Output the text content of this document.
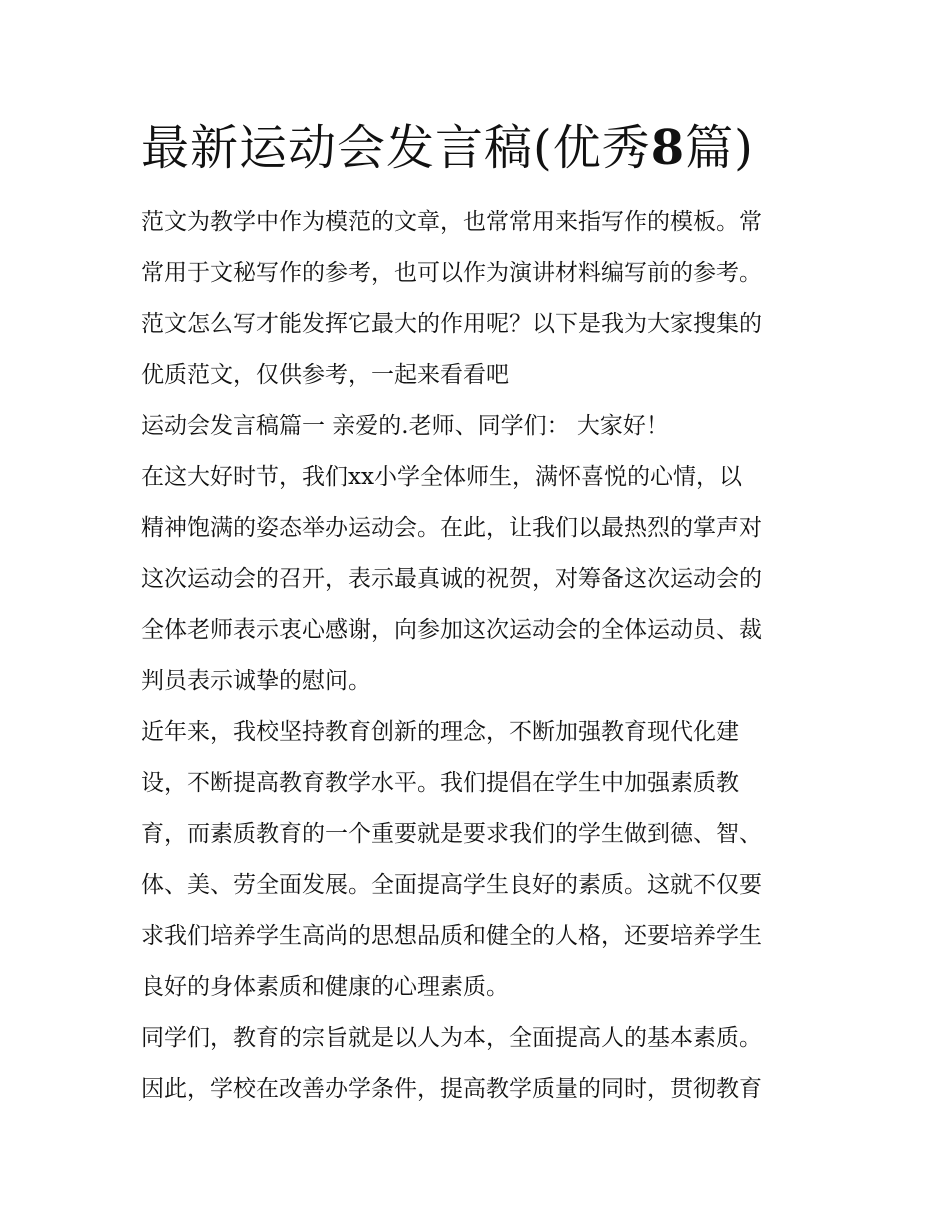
最新运动会发言稿(优秀8篇)
范文为教学中作为模范的文章，也常常用来指写作的模板。常
常用于文秘写作的参考，也可以作为演讲材料编写前的参考。
范文怎么写才能发挥它最大的作用呢？以下是我为大家搜集的
优质范文，仅供参考，一起来看看吧
运动会发言稿篇一 亲爱的.老师、同学们： 大家好！
在这大好时节，我们xx小学全体师生，满怀喜悦的心情，以
精神饱满的姿态举办运动会。在此，让我们以最热烈的掌声对
这次运动会的召开，表示最真诚的祝贺，对筹备这次运动会的
全体老师表示衷心感谢，向参加这次运动会的全体运动员、裁
判员表示诚挚的慰问。
近年来，我校坚持教育创新的理念，不断加强教育现代化建
设，不断提高教育教学水平。我们提倡在学生中加强素质教
育，而素质教育的一个重要就是要求我们的学生做到德、智、
体、美、劳全面发展。全面提高学生良好的素质。这就不仅要
求我们培养学生高尚的思想品质和健全的人格，还要培养学生
良好的身体素质和健康的心理素质。
同学们，教育的宗旨就是以人为本，全面提高人的基本素质。
因此，学校在改善办学条件，提高教学质量的同时，贯彻教育
